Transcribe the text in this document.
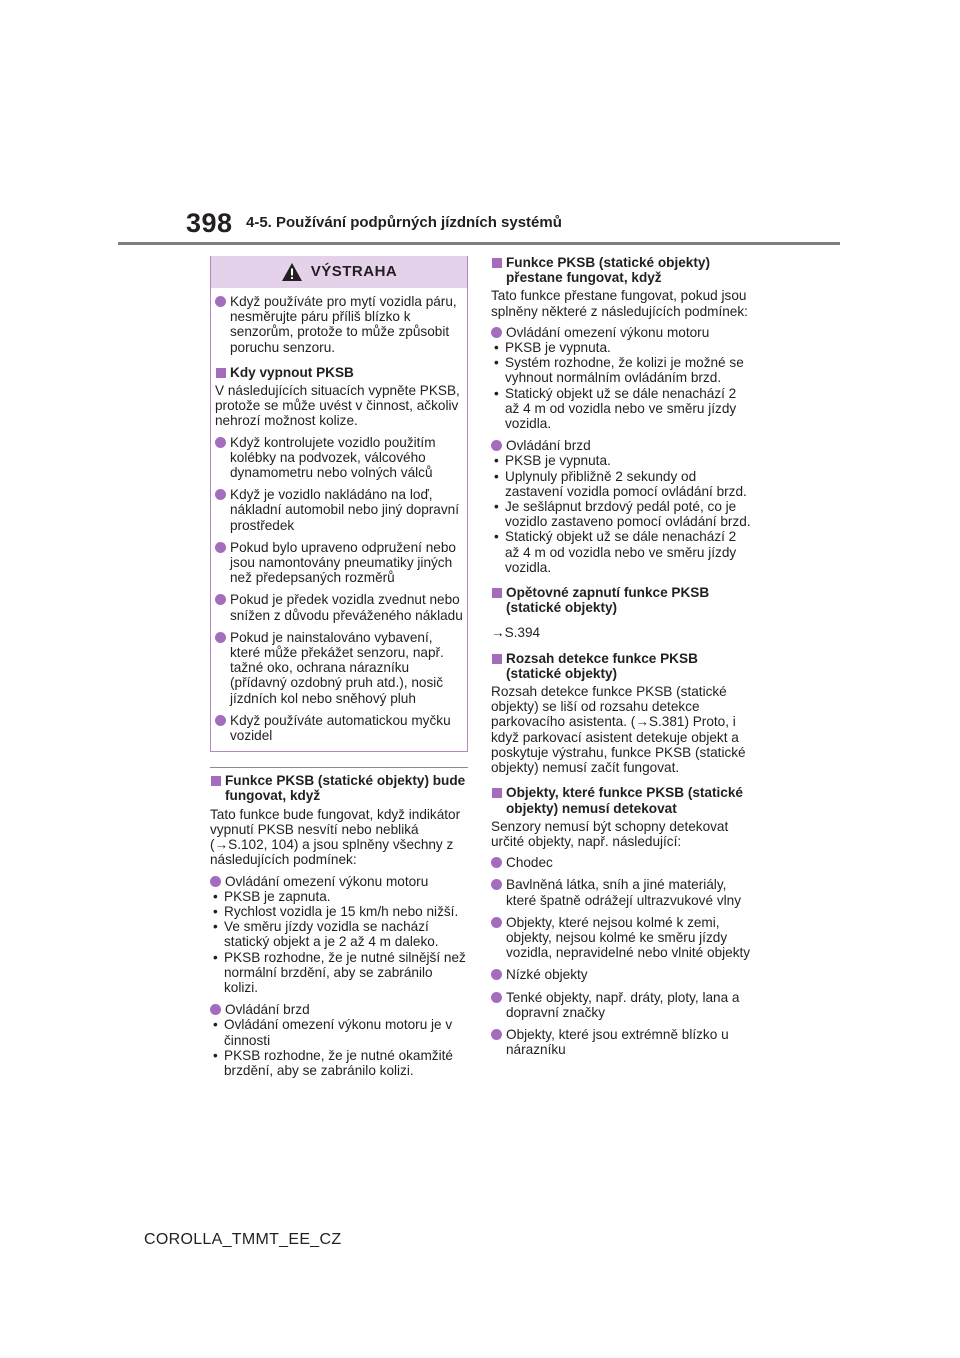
398 4-5. Používání podpůrných jízdních systémů
VÝSTRAHA
Když používáte pro mytí vozidla páru, nesměrujte páru příliš blízko k senzorům, protože to může způsobit poruchu senzoru.
Kdy vypnout PKSB
V následujících situacích vypněte PKSB, protože se může uvést v činnost, ačkoliv nehrozí možnost kolize.
Když kontrolujete vozidlo použitím kolébky na podvozek, válcového dynamometru nebo volných válců
Když je vozidlo nakládáno na loď, nákladní automobil nebo jiný dopravní prostředek
Pokud bylo upraveno odpružení nebo jsou namontovány pneumatiky jiných než předepsaných rozměrů
Pokud je předek vozidla zvednut nebo snížen z důvodu převáženého nákladu
Pokud je nainstalováno vybavení, které může překážet senzoru, např. tažné oko, ochrana nárazníku (přídavný ozdobný pruh atd.), nosič jízdních kol nebo sněhový pluh
Když používáte automatickou myčku vozidel
Funkce PKSB (statické objekty) bude fungovat, když
Tato funkce bude fungovat, když indikátor vypnutí PKSB nesvítí nebo nebliká (→S.102, 104) a jsou splněny všechny z následujících podmínek:
Ovládání omezení výkonu motoru
• PKSB je zapnuta.
• Rychlost vozidla je 15 km/h nebo nižší.
• Ve směru jízdy vozidla se nachází statický objekt a je 2 až 4 m daleko.
• PKSB rozhodne, že je nutné silnější než normální brzdění, aby se zabránilo kolizi.
Ovládání brzd
• Ovládání omezení výkonu motoru je v činnosti
• PKSB rozhodne, že je nutné okamžité brzdění, aby se zabránilo kolizi.
Funkce PKSB (statické objekty) přestane fungovat, když
Tato funkce přestane fungovat, pokud jsou splněny některé z následujících podmínek:
Ovládání omezení výkonu motoru
• PKSB je vypnuta.
• Systém rozhodne, že kolizi je možné se vyhnout normálním ovládáním brzd.
• Statický objekt už se dále nenachází 2 až 4 m od vozidla nebo ve směru jízdy vozidla.
Ovládání brzd
• PKSB je vypnuta.
• Uplynuly přibližně 2 sekundy od zastavení vozidla pomocí ovládání brzd.
• Je sešlápnut brzdový pedál poté, co je vozidlo zastaveno pomocí ovládání brzd.
• Statický objekt už se dále nenachází 2 až 4 m od vozidla nebo ve směru jízdy vozidla.
Opětovné zapnutí funkce PKSB (statické objekty)
→S.394
Rozsah detekce funkce PKSB (statické objekty)
Rozsah detekce funkce PKSB (statické objekty) se liší od rozsahu detekce parkovacího asistenta. (→S.381) Proto, i když parkovací asistent detekuje objekt a poskytuje výstrahu, funkce PKSB (statické objekty) nemusí začít fungovat.
Objekty, které funkce PKSB (statické objekty) nemusí detekovat
Senzory nemusí být schopny detekovat určité objekty, např. následující:
Chodec
Bavlněná látka, sníh a jiné materiály, které špatně odrážejí ultrazvukové vlny
Objekty, které nejsou kolmé k zemi, objekty, nejsou kolmé ke směru jízdy vozidla, nepravidelné nebo vlnité objekty
Nízké objekty
Tenké objekty, např. dráty, ploty, lana a dopravní značky
Objekty, které jsou extrémně blízko u nárazníku
COROLLA_TMMT_EE_CZ
